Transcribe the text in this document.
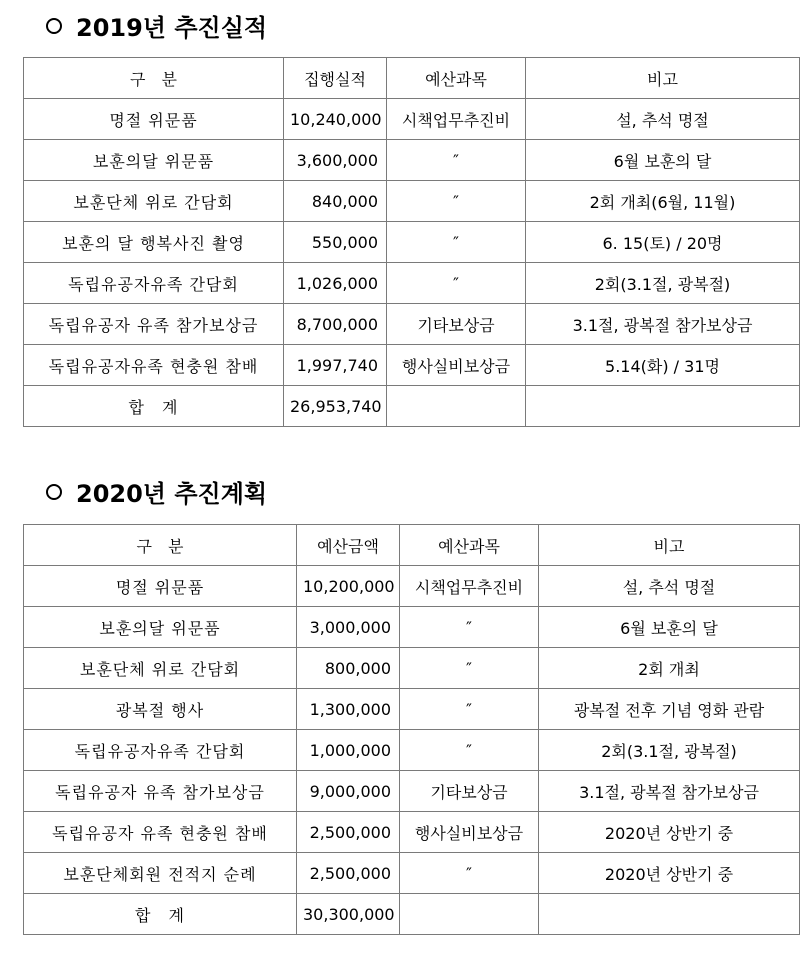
2019년 추진실적
구　분	집행실적	예산과목	비고
명절 위문품	10,240,000	시책업무추진비	설, 추석 명절
보훈의달 위문품	3,600,000	″	6월 보훈의 달
보훈단체 위로 간담회	840,000	″	2회 개최(6월, 11월)
보훈의 달 행복사진 촬영	550,000	″	6. 15(토) / 20명
독립유공자유족 간담회	1,026,000	″	2회(3.1절, 광복절)
독립유공자 유족 참가보상금	8,700,000	기타보상금	3.1절, 광복절 참가보상금
독립유공자유족 현충원 참배	1,997,740	행사실비보상금	5.14(화) / 31명
합　계	26,953,740		
2020년 추진계획
구　분	예산금액	예산과목	비고
명절 위문품	10,200,000	시책업무추진비	설, 추석 명절
보훈의달 위문품	3,000,000	″	6월 보훈의 달
보훈단체 위로 간담회	800,000	″	2회 개최
광복절 행사	1,300,000	″	광복절 전후 기념 영화 관람
독립유공자유족 간담회	1,000,000	″	2회(3.1절, 광복절)
독립유공자 유족 참가보상금	9,000,000	기타보상금	3.1절, 광복절 참가보상금
독립유공자 유족 현충원 참배	2,500,000	행사실비보상금	2020년 상반기 중
보훈단체회원 전적지 순례	2,500,000	″	2020년 상반기 중
합　계	30,300,000		
